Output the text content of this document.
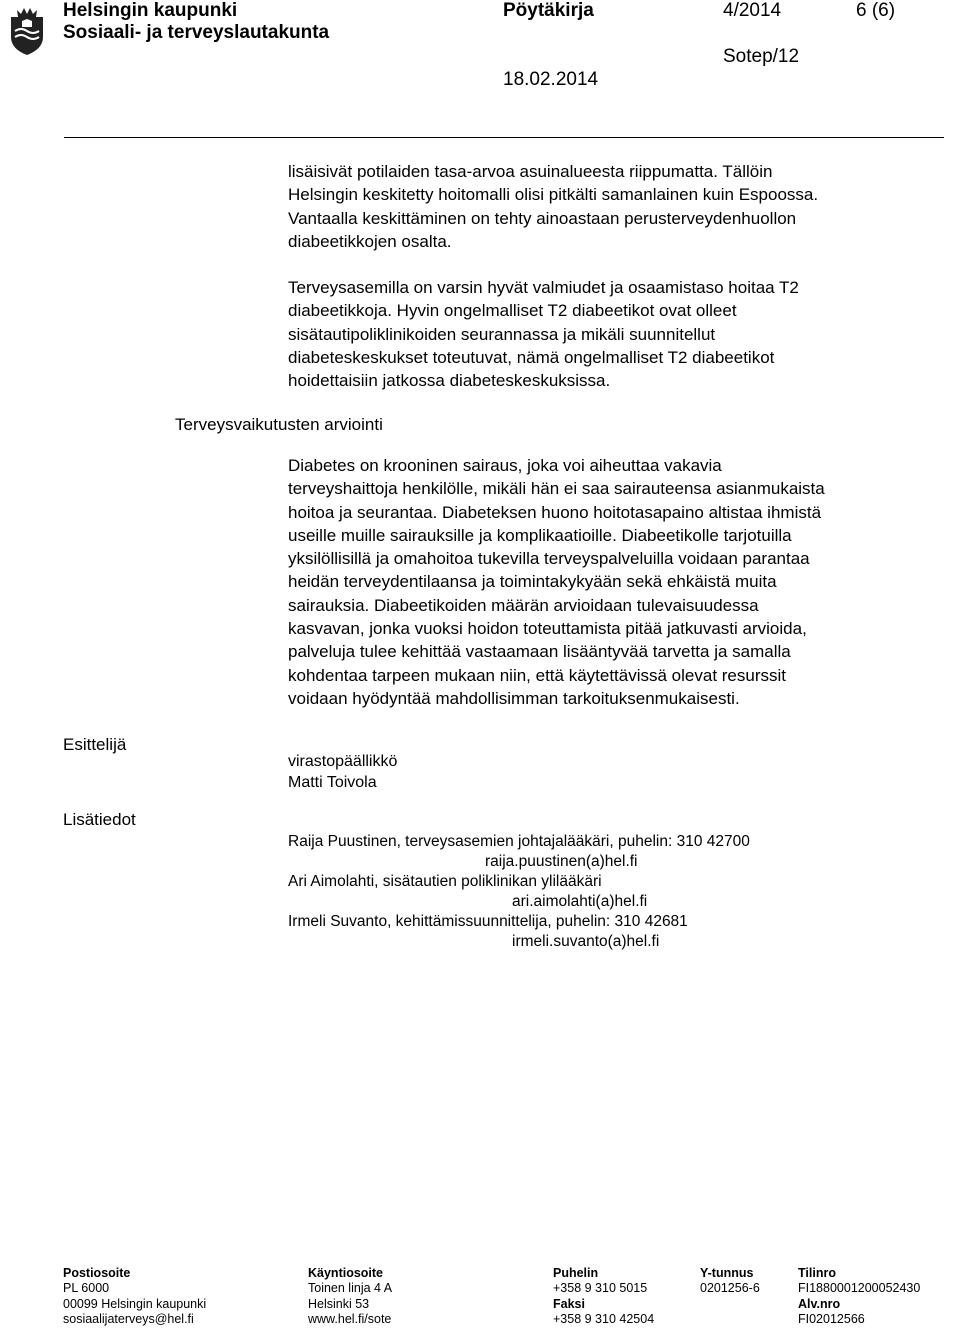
Helsingin kaupunki
Sosiaali- ja terveyslautakunta
Pöytäkirja	4/2014	6 (6)
Sotep/12
18.02.2014
lisäisivät potilaiden tasa-arvoa asuinalueesta riippumatta. Tällöin
Helsingin keskitetty hoitomalli olisi pitkälti samanlainen kuin Espoossa.
Vantaalla keskittäminen on tehty ainoastaan perusterveydenhuollon
diabeetikkojen osalta.
Terveysasemilla on varsin hyvät valmiudet ja osaamistaso hoitaa T2
diabeetikkoja. Hyvin ongelmalliset T2 diabeetikot ovat olleet
sisätautipoliklinikoiden seurannassa ja mikäli suunnitellut
diabeteskeskukset toteutuvat, nämä ongelmalliset T2 diabeetikot
hoidettaisiin jatkossa diabeteskeskuksissa.
Terveysvaikutusten arviointi
Diabetes on krooninen sairaus, joka voi aiheuttaa vakavia
terveyshaittoja henkilölle, mikäli hän ei saa sairauteensa asianmukaista
hoitoa ja seurantaa. Diabeteksen huono hoitotasapaino altistaa ihmistä
useille muille sairauksille ja komplikaatioille. Diabeetikolle tarjotuilla
yksilöllisillä ja omahoitoa tukevilla terveyspalveluilla voidaan parantaa
heidän terveydentilaansa ja toimintakykyään sekä ehkäistä muita
sairauksia. Diabeetikoiden määrän arvioidaan tulevaisuudessa
kasvavan, jonka vuoksi hoidon toteuttamista pitää jatkuvasti arvioida,
palveluja tulee kehittää vastaamaan lisääntyvää tarvetta ja samalla
kohdentaa tarpeen mukaan niin, että käytettävissä olevat resurssit
voidaan hyödyntää mahdollisimman tarkoituksenmukaisesti.
Esittelijä
virastopäällikkö
Matti Toivola
Lisätiedot
Raija Puustinen, terveysasemien johtajalääkäri, puhelin: 310 42700
raija.puustinen(a)hel.fi
Ari Aimolahti, sisätautien poliklinikan ylilääkäri
ari.aimolahti(a)hel.fi
Irmeli Suvanto, kehittämissuunnittelija, puhelin: 310 42681
irmeli.suvanto(a)hel.fi
Postiosoite
PL 6000
00099 Helsingin kaupunki
sosiaalijaterveys@hel.fi
Käyntiosoite
Toinen linja 4 A
Helsinki 53
www.hel.fi/sote
Puhelin
+358 9 310 5015
Faksi
+358 9 310 42504
Y-tunnus
0201256-6
Tilinro
FI1880001200052430
Alv.nro
FI02012566
